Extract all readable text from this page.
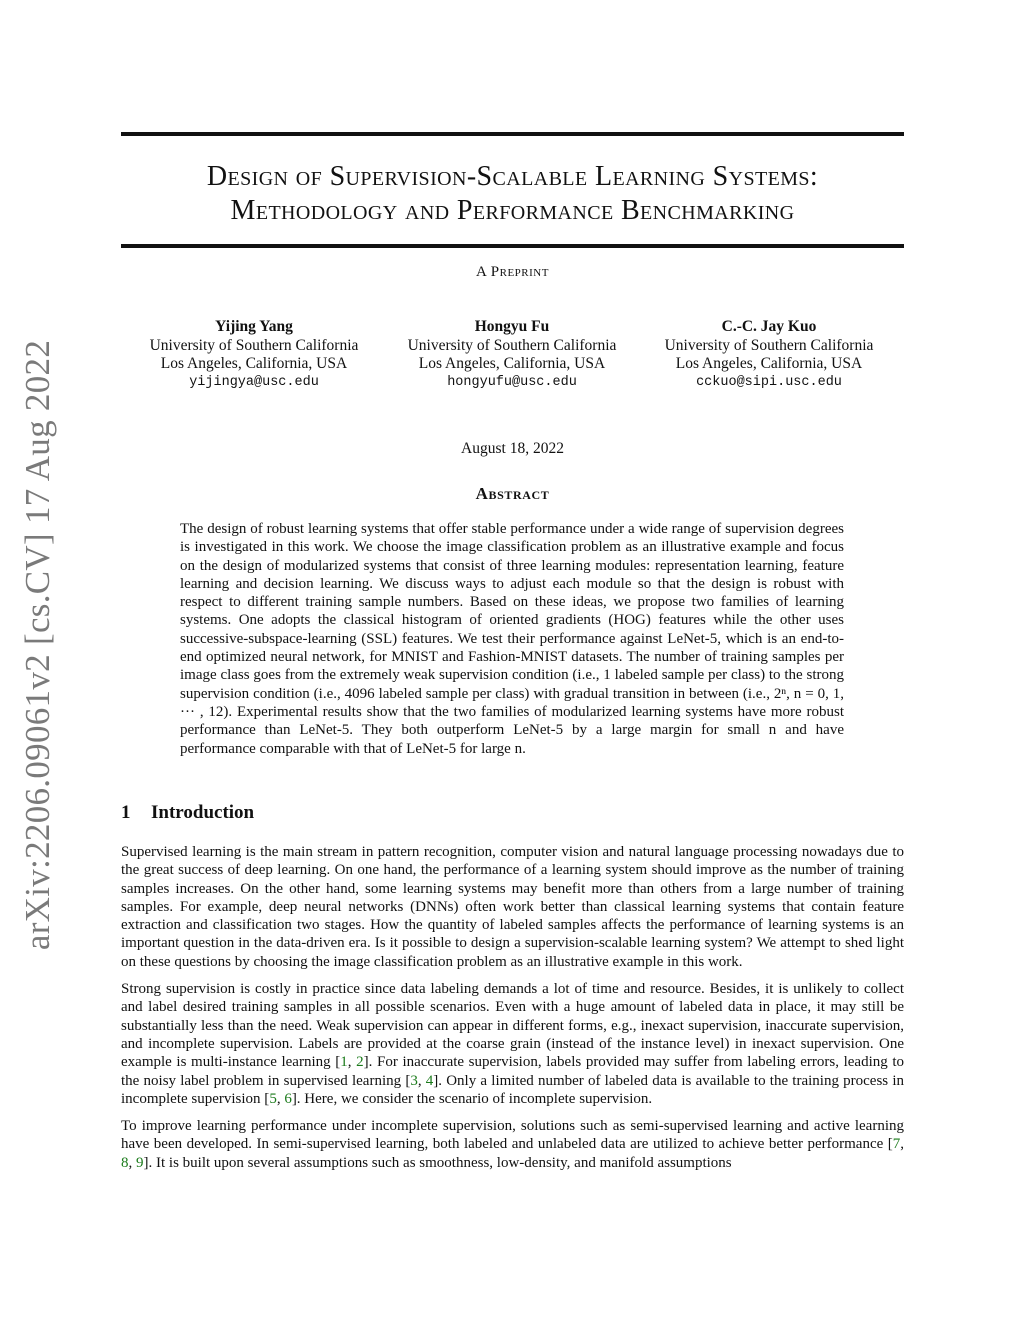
arXiv:2206.09061v2 [cs.CV] 17 Aug 2022
Design of Supervision-Scalable Learning Systems:
Methodology and Performance Benchmarking
A Preprint
Yijing Yang
University of Southern California
Los Angeles, California, USA
yijingya@usc.edu
Hongyu Fu
University of Southern California
Los Angeles, California, USA
hongyufu@usc.edu
C.-C. Jay Kuo
University of Southern California
Los Angeles, California, USA
cckuo@sipi.usc.edu
August 18, 2022
Abstract
The design of robust learning systems that offer stable performance under a wide range of supervision degrees is investigated in this work. We choose the image classification problem as an illustrative example and focus on the design of modularized systems that consist of three learning modules: representation learning, feature learning and decision learning. We discuss ways to adjust each module so that the design is robust with respect to different training sample numbers. Based on these ideas, we propose two families of learning systems. One adopts the classical histogram of oriented gradients (HOG) features while the other uses successive-subspace-learning (SSL) features. We test their performance against LeNet-5, which is an end-to-end optimized neural network, for MNIST and Fashion-MNIST datasets. The number of training samples per image class goes from the extremely weak supervision condition (i.e., 1 labeled sample per class) to the strong supervision condition (i.e., 4096 labeled sample per class) with gradual transition in between (i.e., 2ⁿ, n = 0, 1, ··· , 12). Experimental results show that the two families of modularized learning systems have more robust performance than LeNet-5. They both outperform LeNet-5 by a large margin for small n and have performance comparable with that of LeNet-5 for large n.
1 Introduction

Supervised learning is the main stream in pattern recognition, computer vision and natural language processing nowadays due to the great success of deep learning. On one hand, the performance of a learning system should improve as the number of training samples increases. On the other hand, some learning systems may benefit more than others from a large number of training samples. For example, deep neural networks (DNNs) often work better than classical learning systems that contain feature extraction and classification two stages. How the quantity of labeled samples affects the performance of learning systems is an important question in the data-driven era. Is it possible to design a supervision-scalable learning system? We attempt to shed light on these questions by choosing the image classification problem as an illustrative example in this work.

Strong supervision is costly in practice since data labeling demands a lot of time and resource. Besides, it is unlikely to collect and label desired training samples in all possible scenarios. Even with a huge amount of labeled data in place, it may still be substantially less than the need. Weak supervision can appear in different forms, e.g., inexact supervision, inaccurate supervision, and incomplete supervision. Labels are provided at the coarse grain (instead of the instance level) in inexact supervision. One example is multi-instance learning [1, 2]. For inaccurate supervision, labels provided may suffer from labeling errors, leading to the noisy label problem in supervised learning [3, 4]. Only a limited number of labeled data is available to the training process in incomplete supervision [5, 6]. Here, we consider the scenario of incomplete supervision.

To improve learning performance under incomplete supervision, solutions such as semi-supervised learning and active learning have been developed. In semi-supervised learning, both labeled and unlabeled data are utilized to achieve better performance [7, 8, 9]. It is built upon several assumptions such as smoothness, low-density, and manifold assumptions
